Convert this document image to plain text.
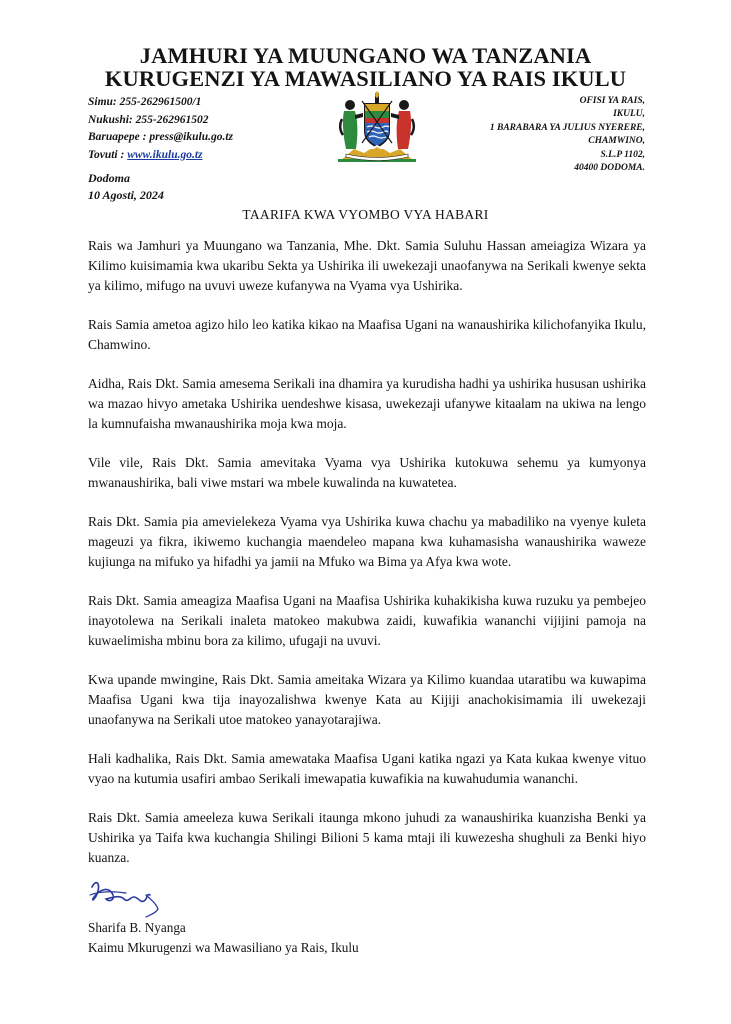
JAMHURI YA MUUNGANO WA TANZANIA
KURUGENZI YA MAWASILIANO YA RAIS IKULU
Simu: 255-262961500/1
Nukushi: 255-262961502
Baruapepe : press@ikulu.go.tz
Tovuti : www.ikulu.go.tz
OFISI YA RAIS,
IKULU,
1 BARABARA YA JULIUS NYERERE,
CHAMWINO,
S.L.P 1102,
40400 DODOMA.
Dodoma
10 Agosti, 2024
TAARIFA KWA VYOMBO VYA HABARI

Rais wa Jamhuri ya Muungano wa Tanzania, Mhe. Dkt. Samia Suluhu Hassan ameiagiza Wizara ya Kilimo kuisimamia kwa ukaribu Sekta ya Ushirika ili uwekezaji unaofanywa na Serikali kwenye sekta ya kilimo, mifugo na uvuvi uweze kufanywa na Vyama vya Ushirika.

Rais Samia ametoa agizo hilo leo katika kikao na Maafisa Ugani na wanaushirika kilichofanyika Ikulu, Chamwino.

Aidha, Rais Dkt. Samia amesema Serikali ina dhamira ya kurudisha hadhi ya ushirika hususan ushirika wa mazao hivyo ametaka Ushirika uendeshwe kisasa, uwekezaji ufanywe kitaalam na ukiwa na lengo la kumnufaisha mwanaushirika moja kwa moja.

Vile vile, Rais Dkt. Samia amevitaka Vyama vya Ushirika kutokuwa sehemu ya kumyonya mwanaushirika, bali viwe mstari wa mbele kuwalinda na kuwatetea.

Rais Dkt. Samia pia amevielekeza Vyama vya Ushirika kuwa chachu ya mabadiliko na vyenye kuleta mageuzi ya fikra, ikiwemo kuchangia maendeleo mapana kwa kuhamasisha wanaushirika waweze kujiunga na mifuko ya hifadhi ya jamii na Mfuko wa Bima ya Afya kwa wote.

Rais Dkt. Samia ameagiza Maafisa Ugani na Maafisa Ushirika kuhakikisha kuwa ruzuku ya pembejeo inayotolewa na Serikali inaleta matokeo makubwa zaidi, kuwafikia wananchi vijijini pamoja na kuwaelimisha mbinu bora za kilimo, ufugaji na uvuvi.

Kwa upande mwingine, Rais Dkt. Samia ameitaka Wizara ya Kilimo kuandaa utaratibu wa kuwapima Maafisa Ugani kwa tija inayozalishwa kwenye Kata au Kijiji anachokisimamia ili uwekezaji unaofanywa na Serikali utoe matokeo yanayotarajiwa.

Hali kadhalika, Rais Dkt. Samia amewataka Maafisa Ugani katika ngazi ya Kata kukaa kwenye vituo vyao na kutumia usafiri ambao Serikali imewapatia kuwafikia na kuwahudumia wananchi.

Rais Dkt. Samia ameeleza kuwa Serikali itaunga mkono juhudi za wanaushirika kuanzisha Benki ya Ushirika ya Taifa kwa kuchangia Shilingi Bilioni 5 kama mtaji ili kuwezesha shughuli za Benki hiyo kuanza.

Sharifa B. Nyanga
Kaimu Mkurugenzi wa Mawasiliano ya Rais, Ikulu
